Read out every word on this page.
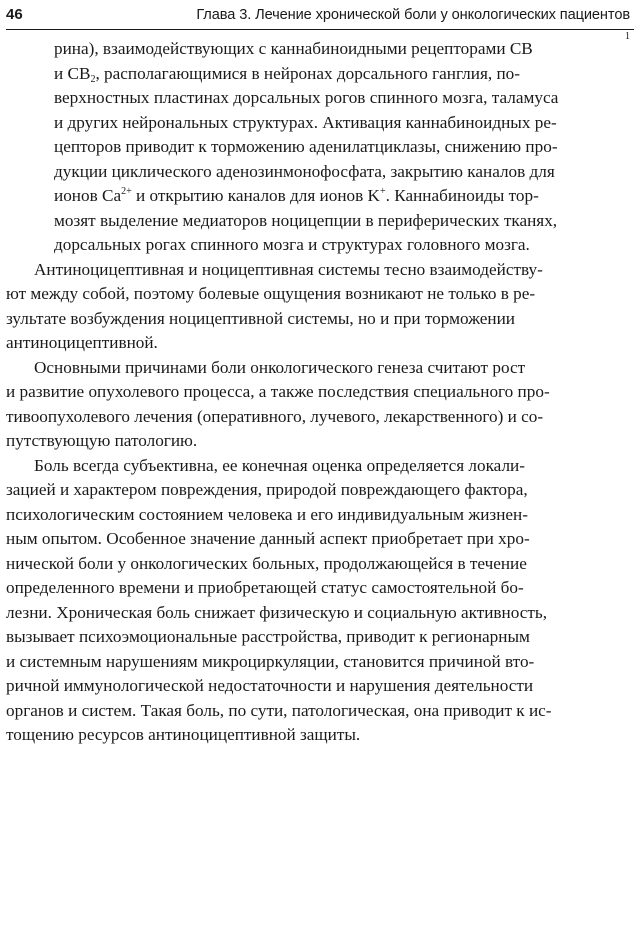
46	Глава 3. Лечение хронической боли у онкологических пациентов
рина), взаимодействующих с каннабиноидными рецепторами CB
1
и $CB_2$, располагающимися в нейронах дорсального ганглия, по-
верхностных пластинах дорсальных рогов спинного мозга, таламуса
и других нейрональных структурах. Активация каннабиноидных ре-
цепторов приводит к торможению аденилатциклазы, снижению про-
дукции циклического аденозинмонофосфата, закрытию каналов для
ионов $Ca^{2+}$ и открытию каналов для ионов K+. Каннабиноиды тор-
мозят выделение медиаторов ноцицепции в периферических тканях,
дорсальных рогах спинного мозга и структурах головного мозга.
Антиноцицептивная и ноцицептивная системы тесно взаимодейству-
ют между собой, поэтому болевые ощущения возникают не только в ре-
зультате возбуждения ноцицептивной системы, но и при торможении
антиноцицептивной.
Основными причинами боли онкологического генеза считают рост
и развитие опухолевого процесса, а также последствия специального про-
тивоопухолевого лечения (оперативного, лучевого, лекарственного) и со-
путствующую патологию.
Боль всегда субъективна, ее конечная оценка определяется локали-
зацией и характером повреждения, природой повреждающего фактора,
психологическим состоянием человека и его индивидуальным жизнен-
ным опытом. Особенное значение данный аспект приобретает при хро-
нической боли у онкологических больных, продолжающейся в течение
определенного времени и приобретающей статус самостоятельной бо-
лезни. Хроническая боль снижает физическую и социальную активность,
вызывает психоэмоциональные расстройства, приводит к регионарным
и системным нарушениям микроциркуляции, становится причиной вто-
ричной иммунологической недостаточности и нарушения деятельности
органов и систем. Такая боль, по сути, патологическая, она приводит к ис-
тощению ресурсов антиноцицептивной защиты.
